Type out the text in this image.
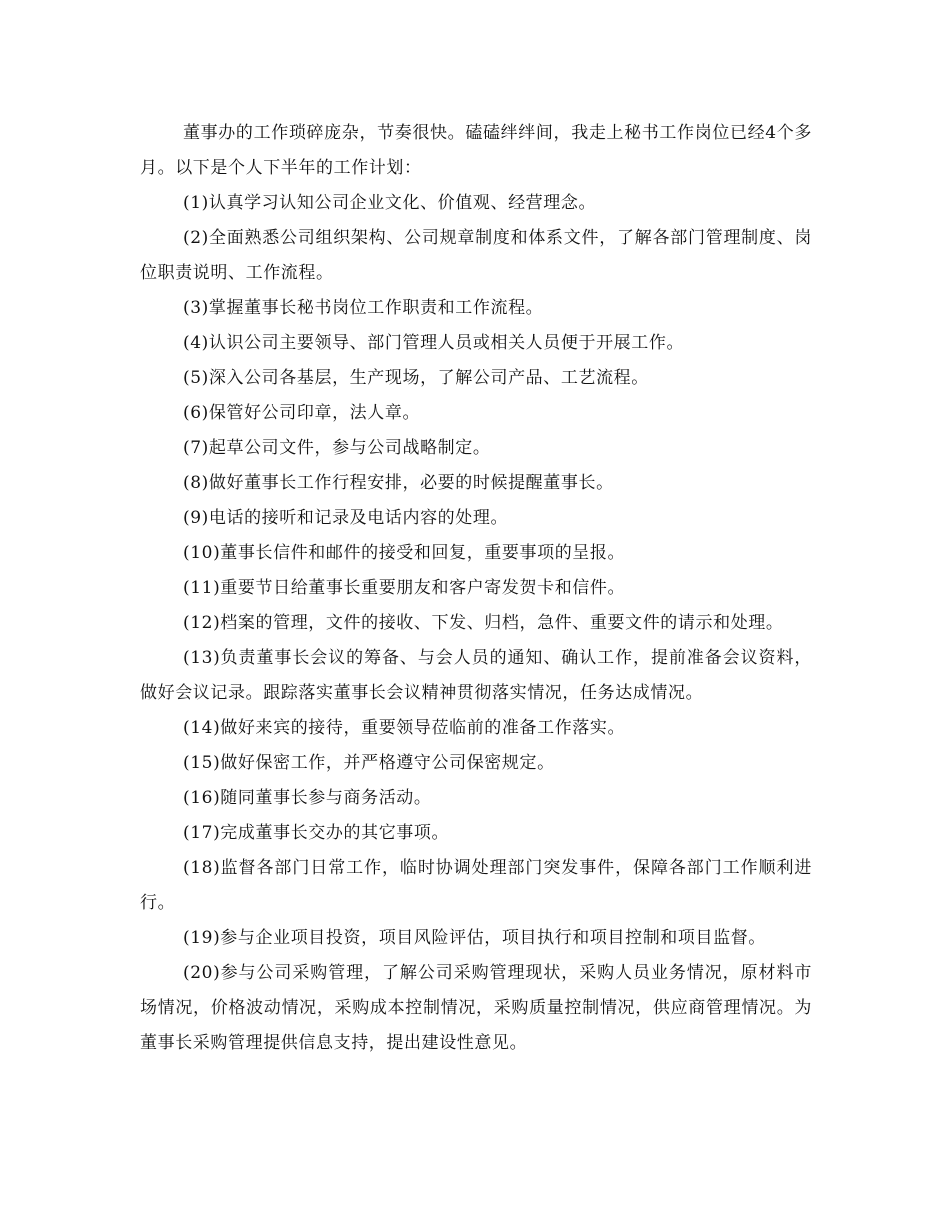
董事办的工作琐碎庞杂，节奏很快。磕磕绊绊间，我走上秘书工作岗位已经4个多月。以下是个人下半年的工作计划：

(1)认真学习认知公司企业文化、价值观、经营理念。

(2)全面熟悉公司组织架构、公司规章制度和体系文件，了解各部门管理制度、岗位职责说明、工作流程。

(3)掌握董事长秘书岗位工作职责和工作流程。

(4)认识公司主要领导、部门管理人员或相关人员便于开展工作。

(5)深入公司各基层，生产现场，了解公司产品、工艺流程。

(6)保管好公司印章，法人章。

(7)起草公司文件，参与公司战略制定。

(8)做好董事长工作行程安排，必要的时候提醒董事长。

(9)电话的接听和记录及电话内容的处理。

(10)董事长信件和邮件的接受和回复，重要事项的呈报。

(11)重要节日给董事长重要朋友和客户寄发贺卡和信件。

(12)档案的管理，文件的接收、下发、归档，急件、重要文件的请示和处理。

(13)负责董事长会议的筹备、与会人员的通知、确认工作，提前准备会议资料，做好会议记录。跟踪落实董事长会议精神贯彻落实情况，任务达成情况。

(14)做好来宾的接待，重要领导莅临前的准备工作落实。

(15)做好保密工作，并严格遵守公司保密规定。

(16)随同董事长参与商务活动。

(17)完成董事长交办的其它事项。

(18)监督各部门日常工作，临时协调处理部门突发事件，保障各部门工作顺利进行。

(19)参与企业项目投资，项目风险评估，项目执行和项目控制和项目监督。

(20)参与公司采购管理，了解公司采购管理现状，采购人员业务情况，原材料市场情况，价格波动情况，采购成本控制情况，采购质量控制情况，供应商管理情况。为董事长采购管理提供信息支持，提出建设性意见。
